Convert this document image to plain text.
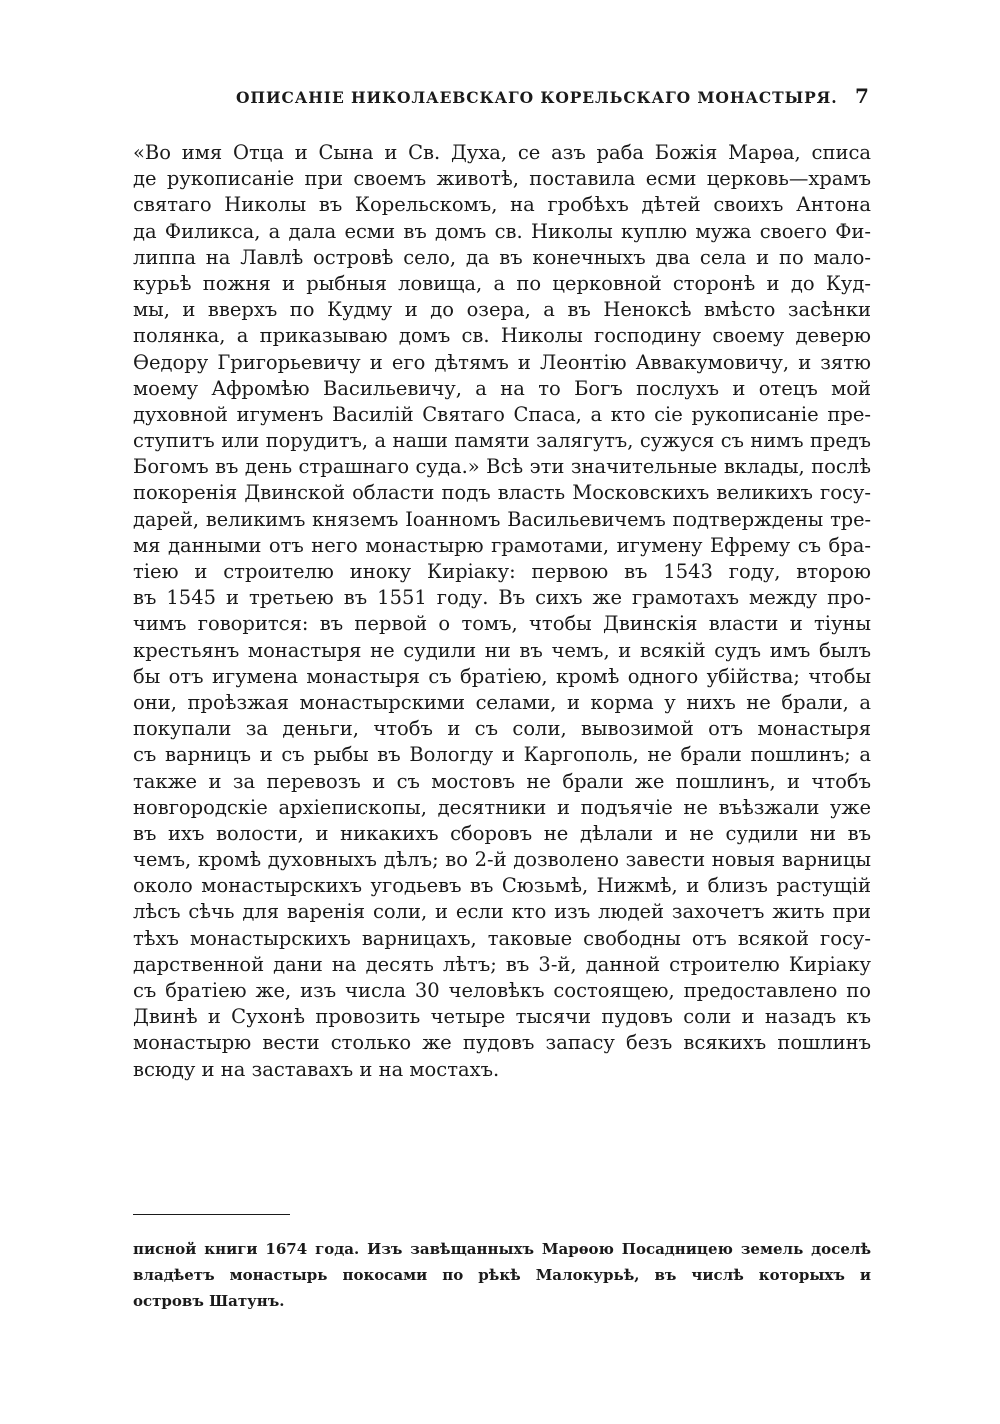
ОПИСАНІЕ НИКОЛАЕВСКАГО КОРЕЛЬСКАГО МОНАСТЫРЯ. 7
«Во имя Отца и Сына и Св. Духа, се азъ раба Божія Марѳа, списа
де рукописаніе при своемъ животѣ, поставила есми церковь—храмъ
святаго Николы въ Корельскомъ, на гробѣхъ дѣтей своихъ Антона
да Филикса, а дала есми въ домъ св. Николы куплю мужа своего Фи-
липпа на Лавлѣ островѣ село, да въ конечныхъ два села и по мало-
курьѣ пожня и рыбныя ловища, а по церковной сторонѣ и до Куд-
мы, и вверхъ по Кудму и до озера, а въ Неноксѣ вмѣсто засѣнки
полянка, а приказываю домъ св. Николы господину своему деверю
Ѳедору Григорьевичу и его дѣтямъ и Леонтію Аввакумовичу, и зятю
моему Афромѣю Васильевичу, а на то Богъ послухъ и отецъ мой
духовной игуменъ Василій Святаго Спаса, а кто сіе рукописаніе пре-
ступитъ или порудитъ, а наши памяти залягутъ, сужуся съ нимъ предъ
Богомъ въ день страшнаго суда.» Всѣ эти значительные вклады, послѣ
покоренія Двинской области подъ власть Московскихъ великихъ госу-
дарей, великимъ княземъ Іоанномъ Васильевичемъ подтверждены тре-
мя данными отъ него монастырю грамотами, игумену Ефрему съ бра-
тіею и строителю иноку Киріаку: первою въ 1543 году, второю
въ 1545 и третьею въ 1551 году. Въ сихъ же грамотахъ между про-
чимъ говорится: въ первой о томъ, чтобы Двинскія власти и тіуны
крестьянъ монастыря не судили ни въ чемъ, и всякій судъ имъ былъ
бы отъ игумена монастыря съ братіею, кромѣ одного убійства; чтобы
они, проѣзжая монастырскими селами, и корма у нихъ не брали, а
покупали за деньги, чтобъ и съ соли, вывозимой отъ монастыря
съ варницъ и съ рыбы въ Вологду и Каргополь, не брали пошлинъ; а
также и за перевозъ и съ мостовъ не брали же пошлинъ, и чтобъ
новгородскіе архіепископы, десятники и подъячіе не въѣзжали уже
въ ихъ волости, и никакихъ сборовъ не дѣлали и не судили ни въ
чемъ, кромѣ духовныхъ дѣлъ; во 2-й дозволено завести новыя варницы
около монастырскихъ угодьевъ въ Сюзьмѣ, Нижмѣ, и близъ растущій
лѣсъ сѣчь для варенія соли, и если кто изъ людей захочетъ жить при
тѣхъ монастырскихъ варницахъ, таковые свободны отъ всякой госу-
дарственной дани на десять лѣтъ; въ 3-й, данной строителю Киріаку
съ братіею же, изъ числа 30 человѣкъ состоящею, предоставлено по
Двинѣ и Сухонѣ провозить четыре тысячи пудовъ соли и назадъ къ
монастырю вести столько же пудовъ запасу безъ всякихъ пошлинъ
всюду и на заставахъ и на мостахъ.
писной книги 1674 года. Изъ завѣщанныхъ Марѳою Посадницею земель доселѣ
владѣетъ монастырь покосами по рѣкѣ Малокурьѣ, въ числѣ которыхъ и
островъ Шатунъ.
